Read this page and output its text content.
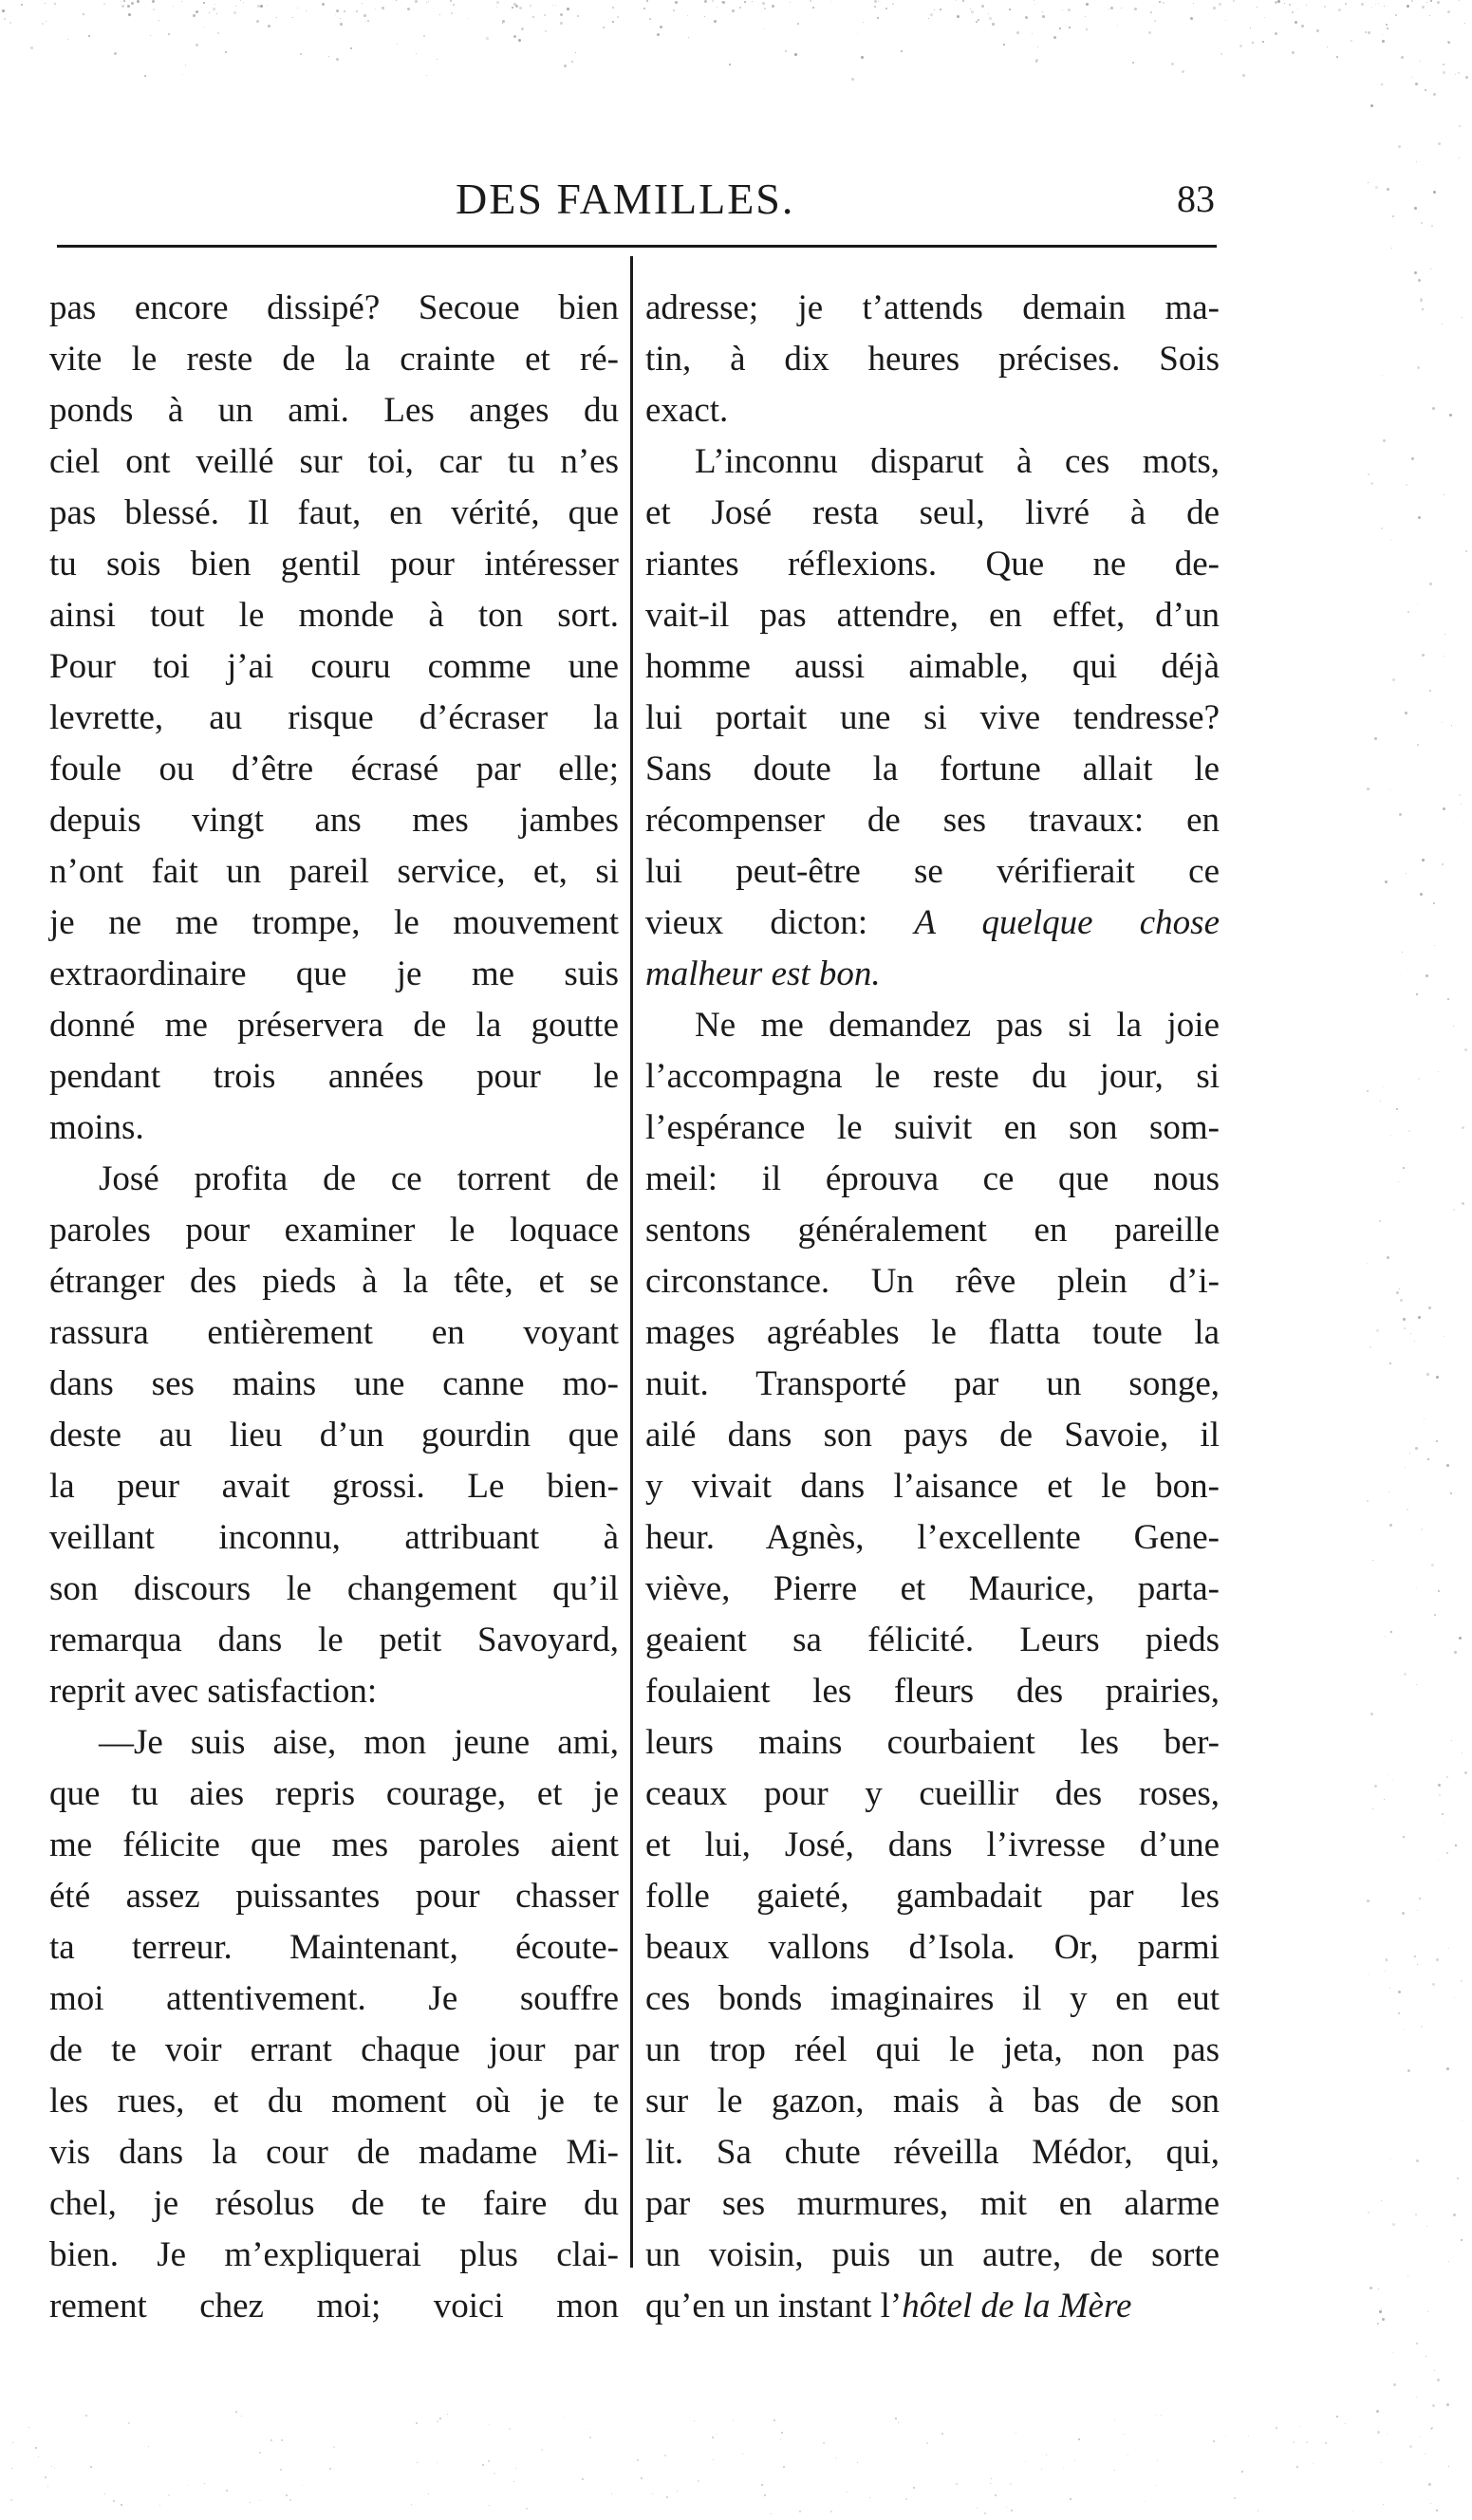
DES FAMILLES.	83
pas encore dissipé? Secoue bien
vite le reste de la crainte et ré-
ponds à un ami. Les anges du
ciel ont veillé sur toi, car tu n’es
pas blessé. Il faut, en vérité, que
tu sois bien gentil pour intéresser
ainsi tout le monde à ton sort.
Pour toi j’ai couru comme une
levrette, au risque d’écraser la
foule ou d’être écrasé par elle;
depuis vingt ans mes jambes
n’ont fait un pareil service, et, si
je ne me trompe, le mouvement
extraordinaire que je me suis
donné me préservera de la goutte
pendant trois années pour le
moins.
José profita de ce torrent de
paroles pour examiner le loquace
étranger des pieds à la tête, et se
rassura entièrement en voyant
dans ses mains une canne mo-
deste au lieu d’un gourdin que
la peur avait grossi. Le bien-
veillant inconnu, attribuant à
son discours le changement qu’il
remarqua dans le petit Savoyard,
reprit avec satisfaction:
—Je suis aise, mon jeune ami,
que tu aies repris courage, et je
me félicite que mes paroles aient
été assez puissantes pour chasser
ta terreur. Maintenant, écoute-
moi attentivement. Je souffre
de te voir errant chaque jour par
les rues, et du moment où je te
vis dans la cour de madame Mi-
chel, je résolus de te faire du
bien. Je m’expliquerai plus clai-
rement chez moi; voici mon
adresse; je t’attends demain ma-
tin, à dix heures précises. Sois
exact.
L’inconnu disparut à ces mots,
et José resta seul, livré à de
riantes réflexions. Que ne de-
vait-il pas attendre, en effet, d’un
homme aussi aimable, qui déjà
lui portait une si vive tendresse?
Sans doute la fortune allait le
récompenser de ses travaux: en
lui peut-être se vérifierait ce
vieux dicton: A quelque chose
malheur est bon.
Ne me demandez pas si la joie
l’accompagna le reste du jour, si
l’espérance le suivit en son som-
meil: il éprouva ce que nous
sentons généralement en pareille
circonstance. Un rêve plein d’i-
mages agréables le flatta toute la
nuit. Transporté par un songe,
ailé dans son pays de Savoie, il
y vivait dans l’aisance et le bon-
heur. Agnès, l’excellente Gene-
viève, Pierre et Maurice, parta-
geaient sa félicité. Leurs pieds
foulaient les fleurs des prairies,
leurs mains courbaient les ber-
ceaux pour y cueillir des roses,
et lui, José, dans l’ivresse d’une
folle gaieté, gambadait par les
beaux vallons d’Isola. Or, parmi
ces bonds imaginaires il y en eut
un trop réel qui le jeta, non pas
sur le gazon, mais à bas de son
lit. Sa chute réveilla Médor, qui,
par ses murmures, mit en alarme
un voisin, puis un autre, de sorte
qu’en un instant l’hôtel de la Mère
